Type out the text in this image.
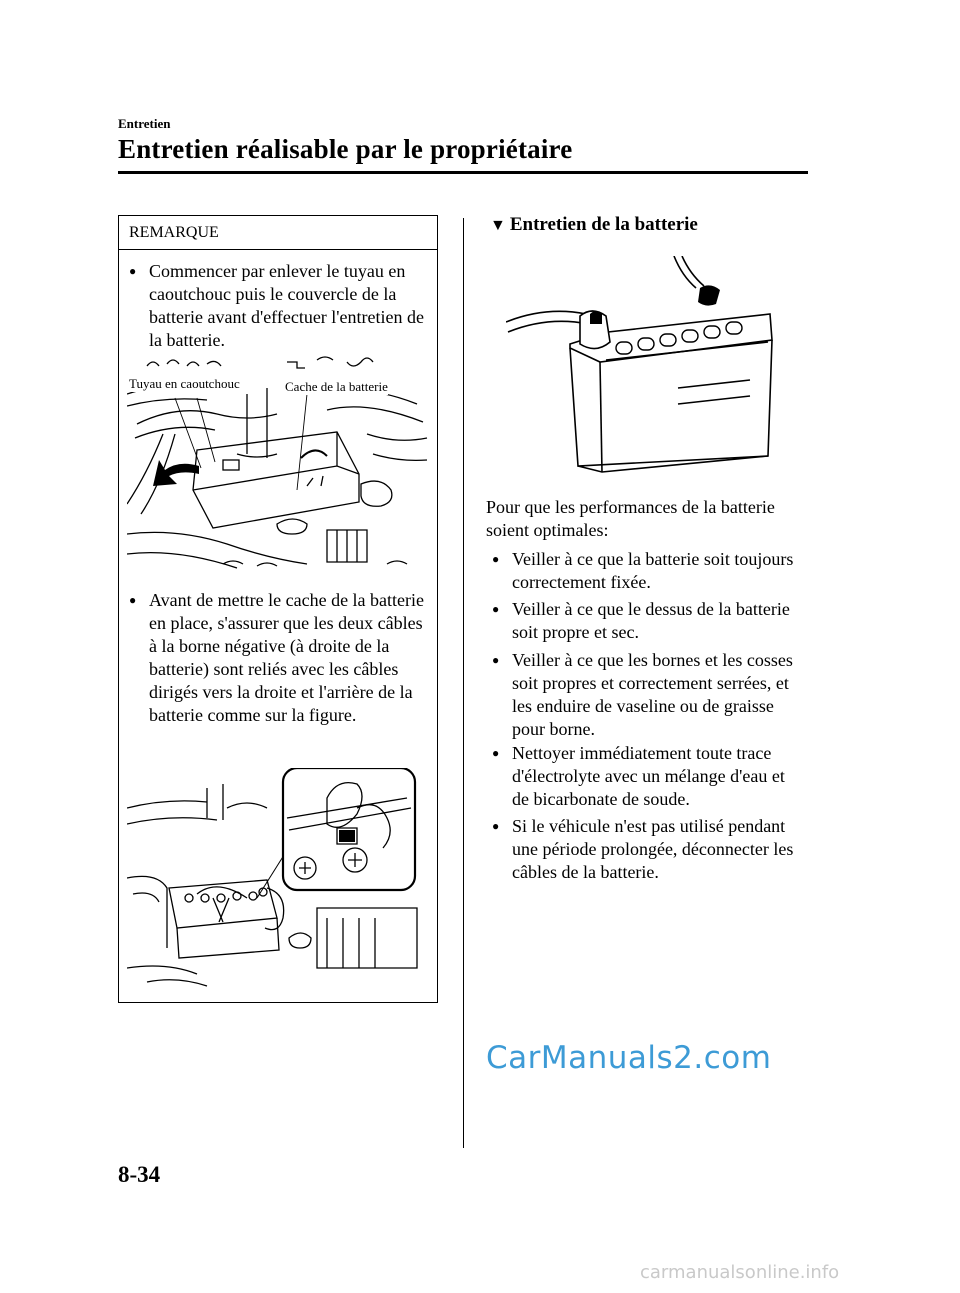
Entretien
Entretien réalisable par le propriétaire
REMARQUE
● Commencer par enlever le tuyau en caoutchouc puis le couvercle de la batterie avant d'effectuer l'entretien de la batterie.
Tuyau en caoutchouc	Cache de la batterie
● Avant de mettre le cache de la batterie en place, s'assurer que les deux câbles à la borne négative (à droite de la batterie) sont reliés avec les câbles dirigés vers la droite et l'arrière de la batterie comme sur la figure.
▼ Entretien de la batterie
Pour que les performances de la batterie soient optimales:
● Veiller à ce que la batterie soit toujours correctement fixée.
● Veiller à ce que le dessus de la batterie soit propre et sec.
● Veiller à ce que les bornes et les cosses soit propres et correctement serrées, et les enduire de vaseline ou de graisse pour borne.
● Nettoyer immédiatement toute trace d'électrolyte avec un mélange d'eau et de bicarbonate de soude.
● Si le véhicule n'est pas utilisé pendant une période prolongée, déconnecter les câbles de la batterie.
CarManuals2.com
8-34
carmanualsonline.info
